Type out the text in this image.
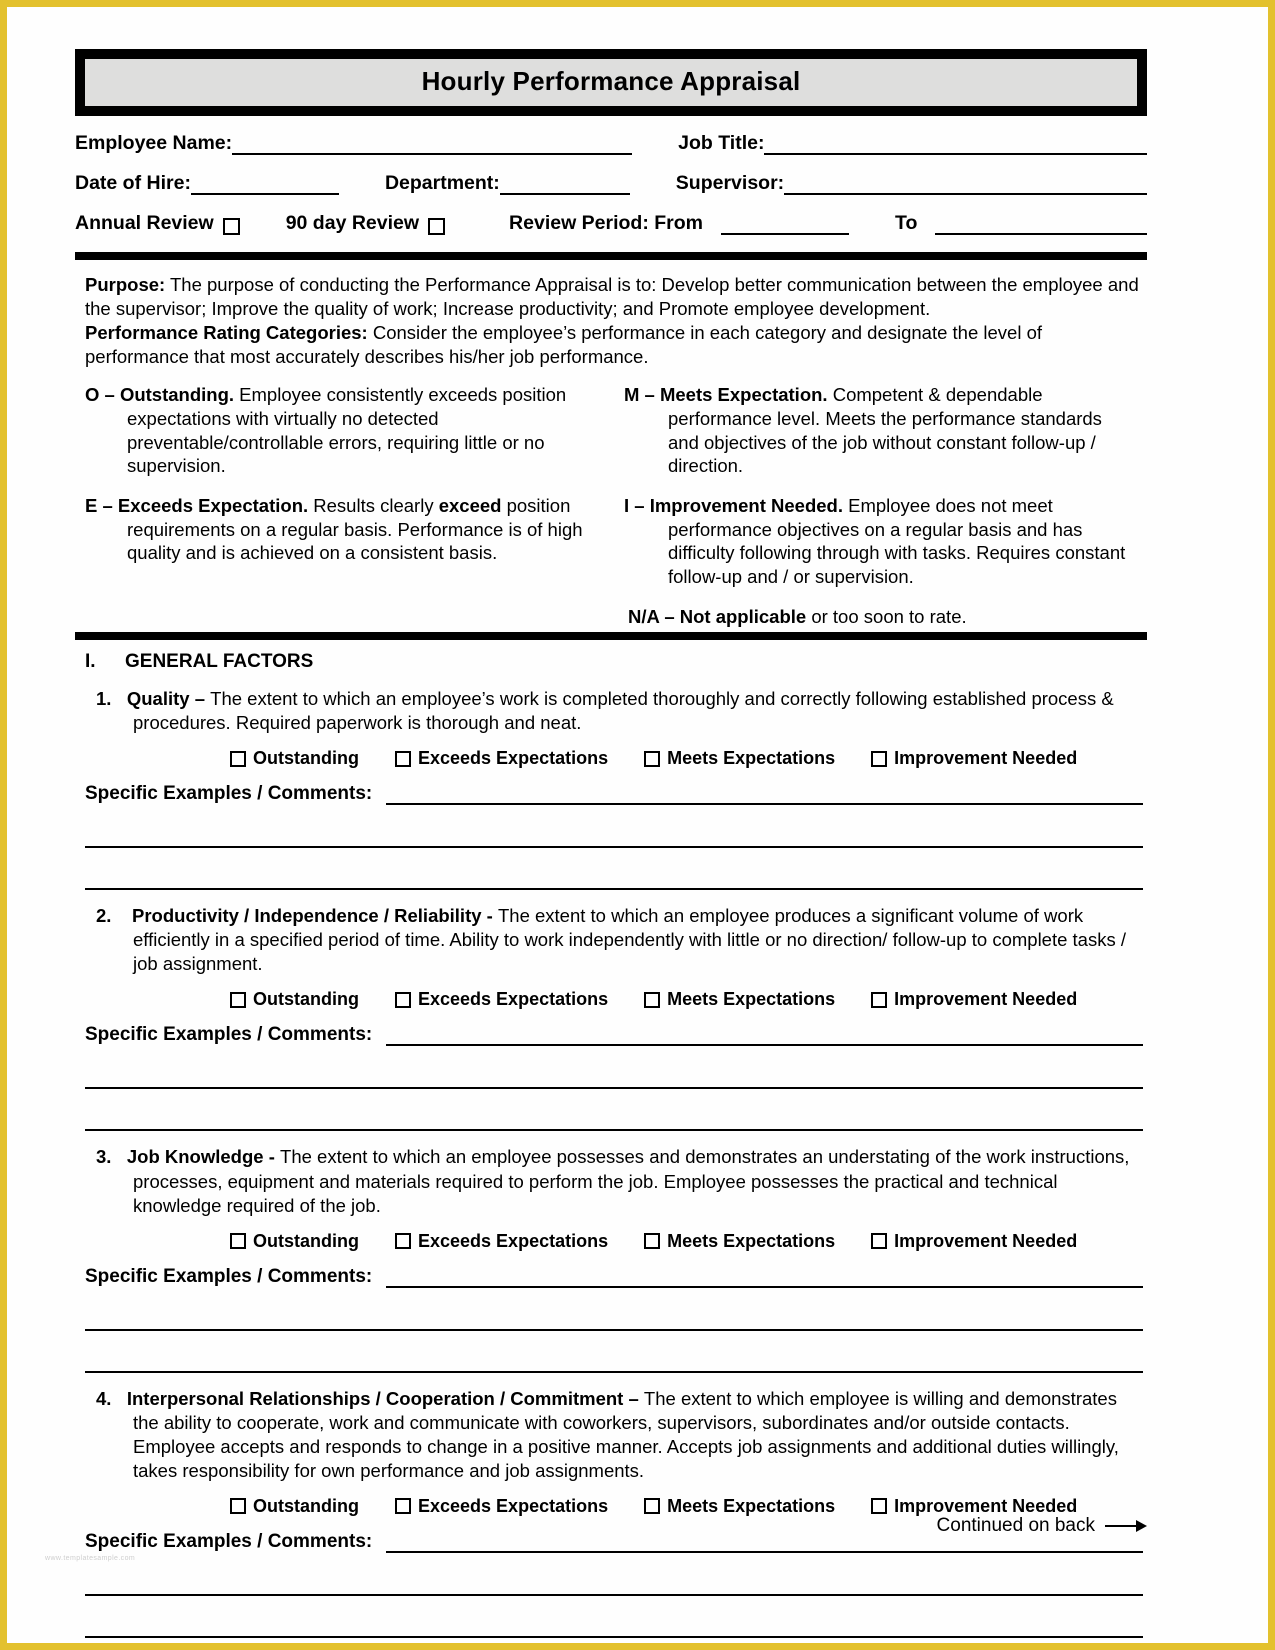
Hourly Performance Appraisal
Employee Name:	Job Title:
Date of Hire:	Department:	Supervisor:
Annual Review	90 day Review	Review Period: From	To
Purpose: The purpose of conducting the Performance Appraisal is to: Develop better communication between the employee and the supervisor; Improve the quality of work; Increase productivity; and Promote employee development.
Performance Rating Categories: Consider the employee’s performance in each category and designate the level of performance that most accurately describes his/her job performance.
O – Outstanding. Employee consistently exceeds position expectations with virtually no detected preventable/controllable errors, requiring little or no supervision.
E – Exceeds Expectation. Results clearly exceed position requirements on a regular basis. Performance is of high quality and is achieved on a consistent basis.
M – Meets Expectation. Competent & dependable performance level. Meets the performance standards and objectives of the job without constant follow-up / direction.
I – Improvement Needed. Employee does not meet performance objectives on a regular basis and has difficulty following through with tasks. Requires constant follow-up and / or supervision.
N/A – Not applicable or too soon to rate.
I.	GENERAL FACTORS
1. Quality – The extent to which an employee’s work is completed thoroughly and correctly following established process & procedures. Required paperwork is thorough and neat.
Outstanding	Exceeds Expectations	Meets Expectations	Improvement Needed
Specific Examples / Comments:
2.    Productivity / Independence / Reliability - The extent to which an employee produces a significant volume of work efficiently in a specified period of time. Ability to work independently with little or no direction/ follow-up to complete tasks / job assignment.
Outstanding	Exceeds Expectations	Meets Expectations	Improvement Needed
Specific Examples / Comments:
3. Job Knowledge - The extent to which an employee possesses and demonstrates an understating of the work instructions, processes, equipment and materials required to perform the job. Employee possesses the practical and technical knowledge required of the job.
Outstanding	Exceeds Expectations	Meets Expectations	Improvement Needed
Specific Examples / Comments:
4. Interpersonal Relationships / Cooperation / Commitment – The extent to which employee is willing and demonstrates the ability to cooperate, work and communicate with coworkers, supervisors, subordinates and/or outside contacts. Employee accepts and responds to change in a positive manner. Accepts job assignments and additional duties willingly, takes responsibility for own performance and job assignments.
Outstanding	Exceeds Expectations	Meets Expectations	Improvement Needed
Specific Examples / Comments:
Continued on back
www.templatesample.com
